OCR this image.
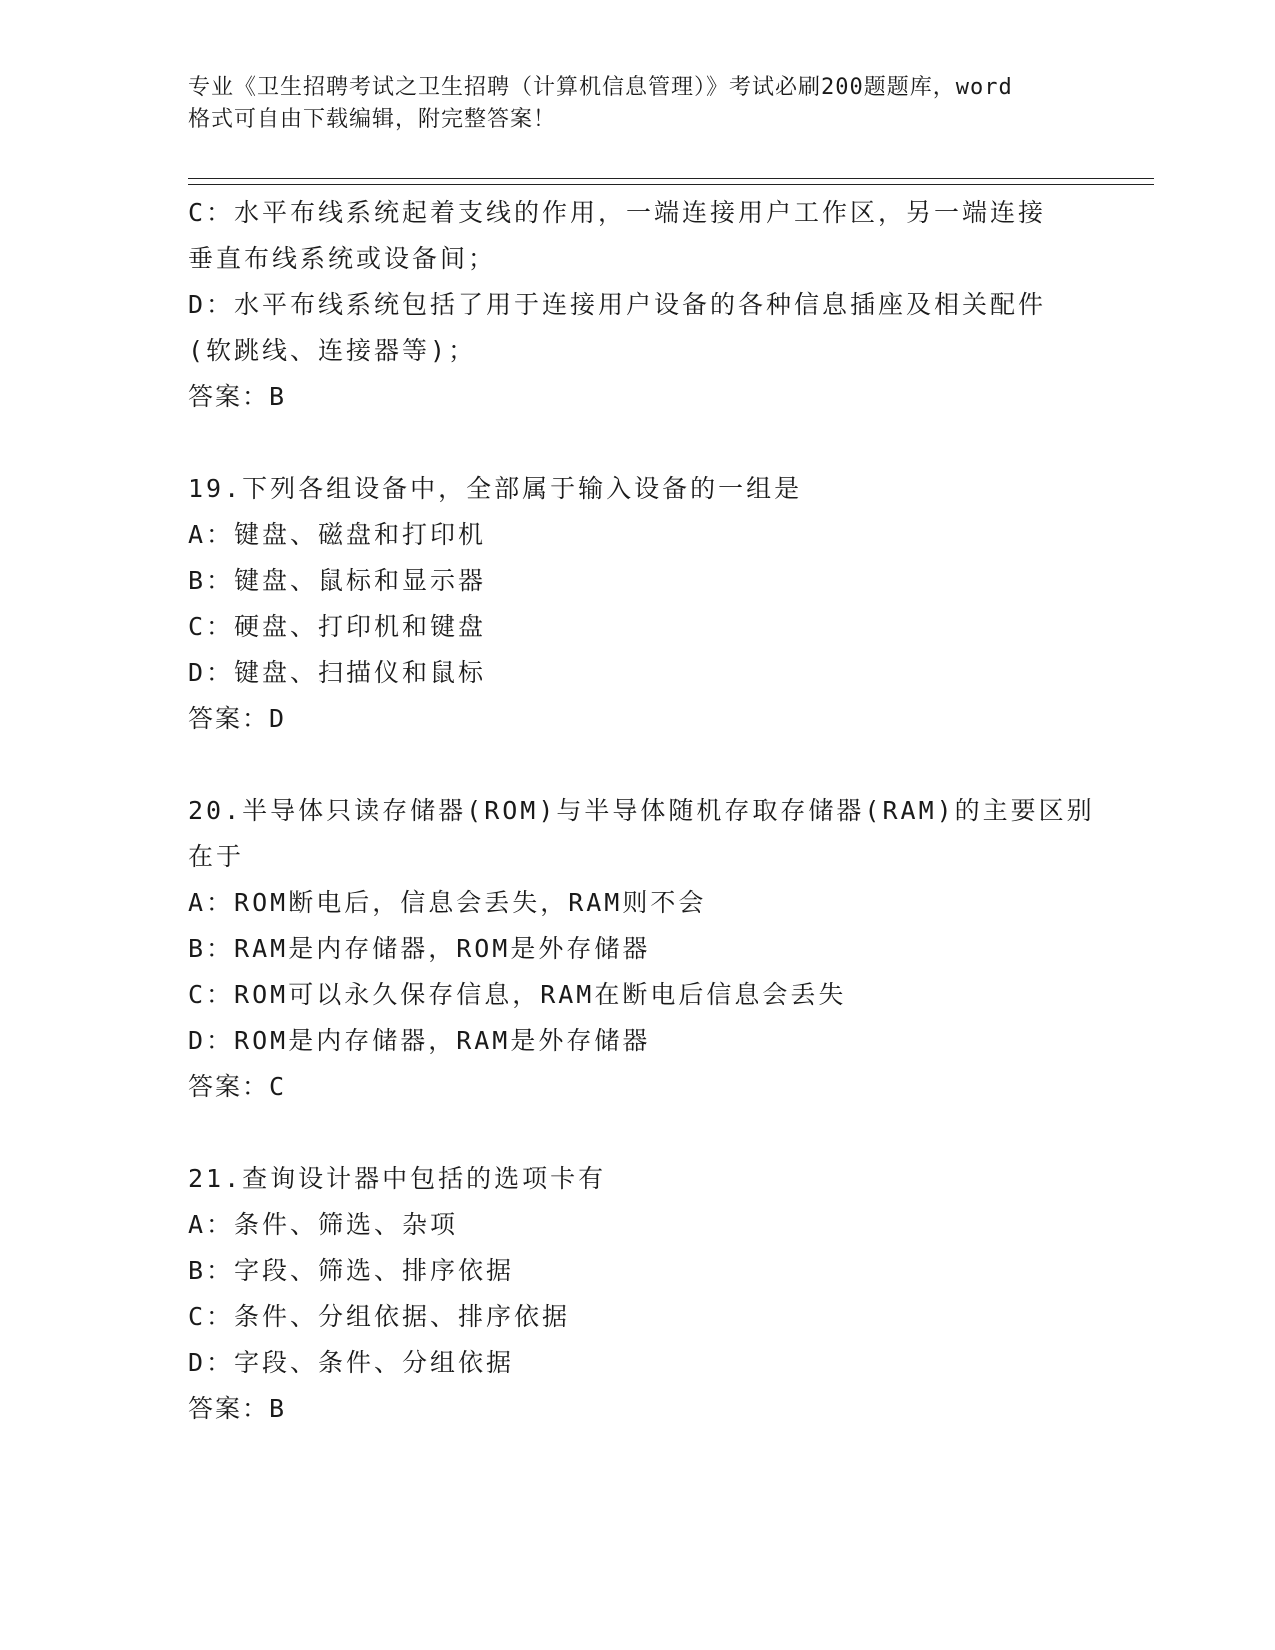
专业《卫生招聘考试之卫生招聘（计算机信息管理）》考试必刷200题题库，word

格式可自由下载编辑，附完整答案！

C：水平布线系统起着支线的作用，一端连接用户工作区，另一端连接

垂直布线系统或设备间；

D：水平布线系统包括了用于连接用户设备的各种信息插座及相关配件

(软跳线、连接器等)；

答案：B

19.下列各组设备中，全部属于输入设备的一组是

A：键盘、磁盘和打印机

B：键盘、鼠标和显示器

C：硬盘、打印机和键盘

D：键盘、扫描仪和鼠标

答案：D

20.半导体只读存储器(ROM)与半导体随机存取存储器(RAM)的主要区别

在于

A：ROM断电后，信息会丢失，RAM则不会

B：RAM是内存储器，ROM是外存储器

C：ROM可以永久保存信息，RAM在断电后信息会丢失

D：ROM是内存储器，RAM是外存储器

答案：C

21.查询设计器中包括的选项卡有

A：条件、筛选、杂项

B：字段、筛选、排序依据

C：条件、分组依据、排序依据

D：字段、条件、分组依据

答案：B
